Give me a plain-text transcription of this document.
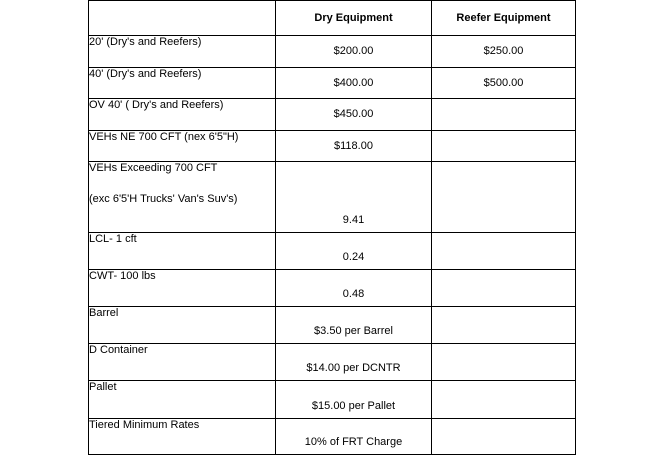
	Dry Equipment	Reefer Equipment
20' (Dry's and Reefers)	$200.00	$250.00
40' (Dry's and Reefers)	$400.00	$500.00
OV 40' ( Dry's and Reefers)	$450.00	
VEHs NE 700 CFT (nex 6'5"H)	$118.00	
VEHs Exceeding 700 CFT
(exc 6'5'H Trucks' Van's Suv's)	9.41	
LCL- 1 cft	0.24	
CWT- 100 lbs	0.48	
Barrel	$3.50 per Barrel	
D Container	$14.00 per DCNTR	
Pallet	$15.00 per Pallet	
Tiered Minimum Rates	10% of FRT Charge	
